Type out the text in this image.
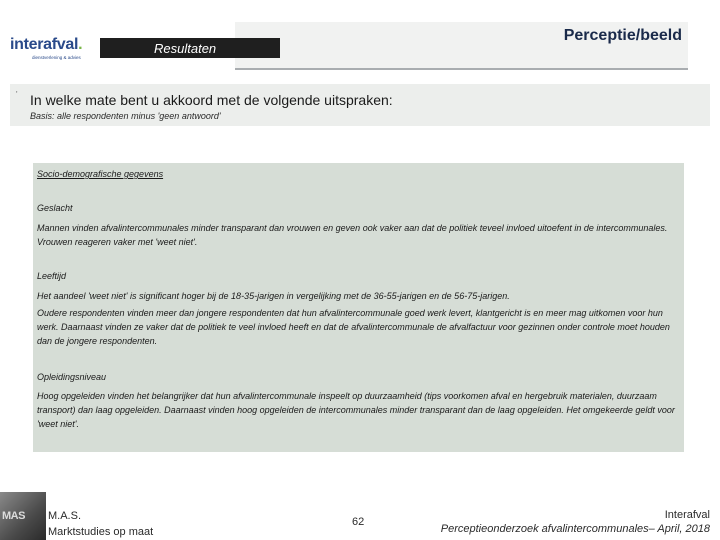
interafval.
dienstverlening & advies
Perceptie/beeld
Resultaten
' In welke mate bent u akkoord met de volgende uitspraken:
Basis: alle respondenten minus 'geen antwoord'

Socio-demografische gegevens

Geslacht

Mannen vinden afvalintercommunales minder transparant dan vrouwen en geven ook vaker aan dat de politiek teveel invloed uitoefent in de intercommunales. Vrouwen reageren vaker met 'weet niet'.

Leeftijd

Het aandeel 'weet niet' is significant hoger bij de 18-35-jarigen in vergelijking met de 36-55-jarigen en de 56-75-jarigen.

Oudere respondenten vinden meer dan jongere respondenten dat hun afvalintercommunale goed werk levert, klantgericht is en meer mag uitkomen voor hun werk. Daarnaast vinden ze vaker dat de politiek te veel invloed heeft en dat de afvalintercommunale de afvalfactuur voor gezinnen onder controle moet houden dan de jongere respondenten.

Opleidingsniveau

Hoog opgeleiden vinden het belangrijker dat hun afvalintercommunale inspeelt op duurzaamheid (tips voorkomen afval en hergebruik materialen, duurzaam transport) dan laag opgeleiden. Daarnaast vinden hoog opgeleiden de intercommunales minder transparant dan de laag opgeleiden. Het omgekeerde geldt voor 'weet niet'.

MAS M.A.S.
Marktstudies op maat
62
Interafval
Perceptieonderzoek afvalintercommunales– April, 2018
